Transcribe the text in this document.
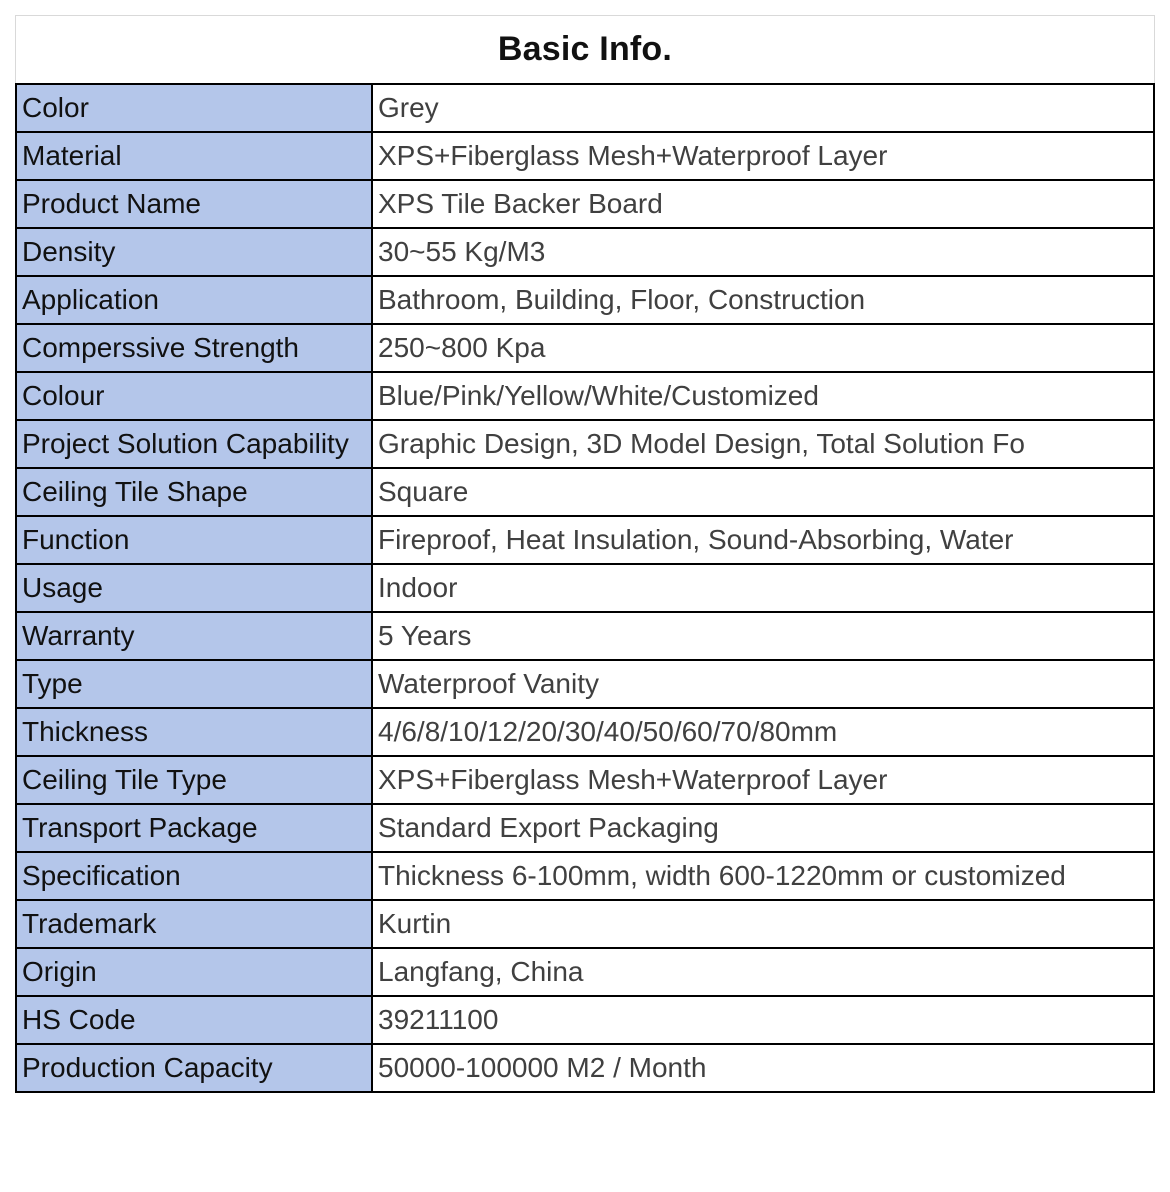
Basic Info.
Color	Grey
Material	XPS+Fiberglass Mesh+Waterproof Layer
Product Name	XPS Tile Backer Board
Density	30~55 Kg/M3
Application	Bathroom, Building, Floor, Construction
Comperssive Strength	250~800 Kpa
Colour	Blue/Pink/Yellow/White/Customized
Project Solution Capability	Graphic Design, 3D Model Design, Total Solution Fo
Ceiling Tile Shape	Square
Function	Fireproof, Heat Insulation, Sound-Absorbing, Water
Usage	Indoor
Warranty	5 Years
Type	Waterproof Vanity
Thickness	4/6/8/10/12/20/30/40/50/60/70/80mm
Ceiling Tile Type	XPS+Fiberglass Mesh+Waterproof Layer
Transport Package	Standard Export Packaging
Specification	Thickness 6-100mm, width 600-1220mm or customized
Trademark	Kurtin
Origin	Langfang, China
HS Code	39211100
Production Capacity	50000-100000 M2 / Month
